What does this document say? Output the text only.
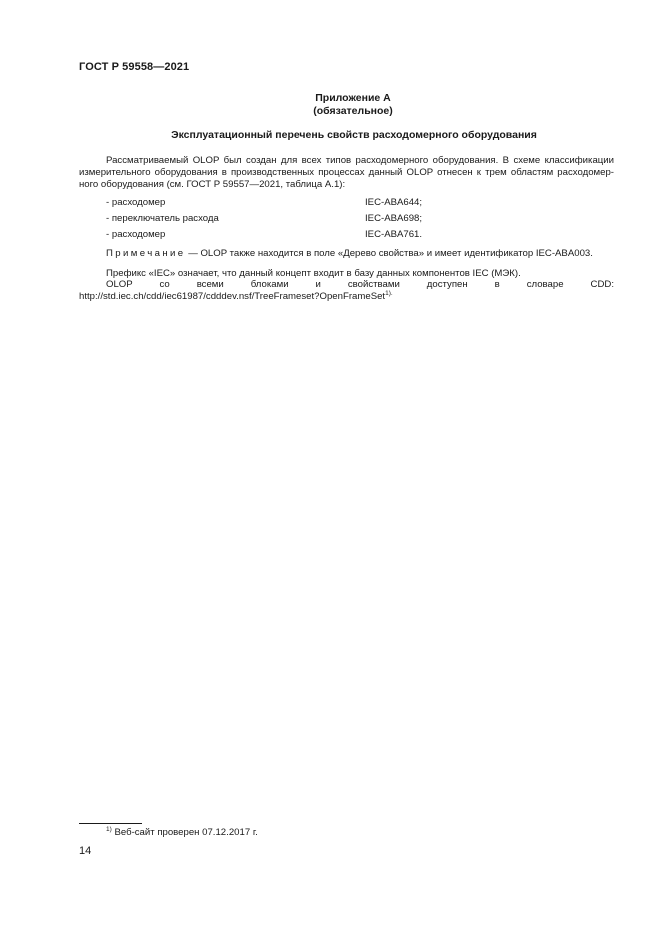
ГОСТ Р 59558—2021
Приложение А
(обязательное)
Эксплуатационный перечень свойств расходомерного оборудования
Рассматриваемый OLOP был создан для всех типов расходомерного оборудования. В схеме классификации измерительного оборудования в производственных процессах данный OLOP отнесен к трем областям расходомер-ного оборудования (см. ГОСТ Р 59557—2021, таблица А.1):
- расходомер	IEC-ABA644;
- переключатель расхода	IEC-ABA698;
- расходомер	IEC-ABA761.
Примечание — OLOP также находится в поле «Дерево свойства» и имеет идентификатор IEC-ABA003.
Префикс «IEC» означает, что данный концепт входит в базу данных компонентов IEC (МЭК).
OLOP со всеми блоками и свойствами доступен в словаре CDD: http://std.iec.ch/cdd/iec61987/cdddev.nsf/TreeFrameset?OpenFrameSet$^{1).}$
$^{1)}$ Веб-сайт проверен 07.12.2017 г.
14
